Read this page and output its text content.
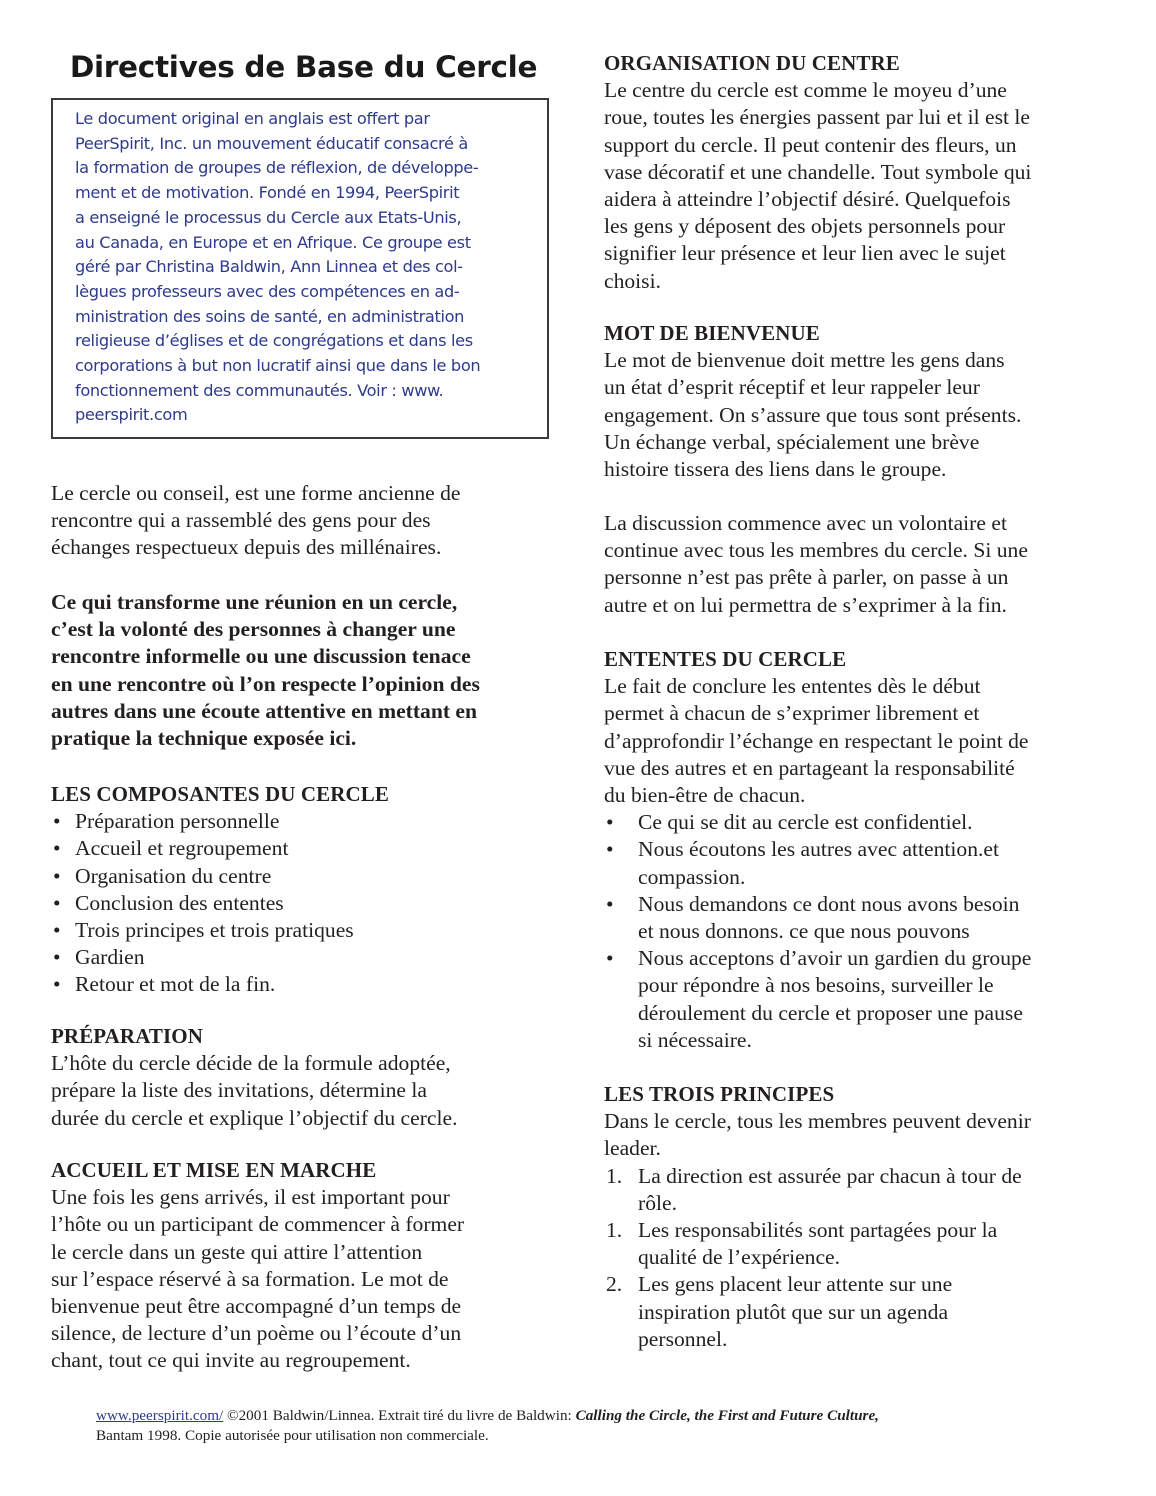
Directives de Base du Cercle
Le document original en anglais est offert par
PeerSpirit, Inc. un mouvement éducatif consacré à
la formation de groupes de réflexion, de développe-
ment et de motivation. Fondé en 1994, PeerSpirit
a enseigné le processus du Cercle aux Etats-Unis,
au Canada, en Europe et en Afrique. Ce groupe est
géré par Christina Baldwin, Ann Linnea et des col-
lègues professeurs avec des compétences en ad-
ministration des soins de santé, en administration
religieuse d’églises et de congrégations et dans les
corporations à but non lucratif ainsi que dans le bon
fonctionnement des communautés. Voir : www.
peerspirit.com
Le cercle ou conseil, est une forme ancienne de
rencontre qui a rassemblé des gens pour des
échanges respectueux depuis des millénaires.
Ce qui transforme une réunion en un cercle,
c’est la volonté des personnes à changer une
rencontre informelle ou une discussion tenace
en une rencontre où l’on respecte l’opinion des
autres dans une écoute attentive en mettant en
pratique la technique exposée ici.
LES COMPOSANTES DU CERCLE
• Préparation personnelle
• Accueil et regroupement
• Organisation du centre
• Conclusion des ententes
• Trois principes et trois pratiques
• Gardien
• Retour et mot de la fin.
PRÉPARATION
L’hôte du cercle décide de la formule adoptée,
prépare la liste des invitations, détermine la
durée du cercle et explique l’objectif du cercle.
ACCUEIL ET MISE EN MARCHE
Une fois les gens arrivés, il est important pour
l’hôte ou un participant de commencer à former
le cercle dans un geste qui attire l’attention
sur l’espace réservé à sa formation. Le mot de
bienvenue peut être accompagné d’un temps de
silence, de lecture d’un poème ou l’écoute d’un
chant, tout ce qui invite au regroupement.
ORGANISATION DU CENTRE
Le centre du cercle est comme le moyeu d’une
roue, toutes les énergies passent par lui et il est le
support du cercle. Il peut contenir des fleurs, un
vase décoratif et une chandelle. Tout symbole qui
aidera à atteindre l’objectif désiré. Quelquefois
les gens y déposent des objets personnels pour
signifier leur présence et leur lien avec le sujet
choisi.
MOT DE BIENVENUE
Le mot de bienvenue doit mettre les gens dans
un état d’esprit réceptif et leur rappeler leur
engagement. On s’assure que tous sont présents.
Un échange verbal, spécialement une brève
histoire tissera des liens dans le groupe.
La discussion commence avec un volontaire et
continue avec tous les membres du cercle. Si une
personne n’est pas prête à parler, on passe à un
autre et on lui permettra de s’exprimer à la fin.
ENTENTES DU CERCLE
Le fait de conclure les ententes dès le début
permet à chacun de s’exprimer librement et
d’approfondir l’échange en respectant le point de
vue des autres et en partageant la responsabilité
du bien-être de chacun.
• Ce qui se dit au cercle est confidentiel.
• Nous écoutons les autres avec attention.et
compassion.
• Nous demandons ce dont nous avons besoin
et nous donnons. ce que nous pouvons
• Nous acceptons d’avoir un gardien du groupe
pour répondre à nos besoins, surveiller le
déroulement du cercle et proposer une pause
si nécessaire.
LES TROIS PRINCIPES
Dans le cercle, tous les membres peuvent devenir
leader.
1. La direction est assurée par chacun à tour de
rôle.
1. Les responsabilités sont partagées pour la
qualité de l’expérience.
2. Les gens placent leur attente sur une
inspiration plutôt que sur un agenda
personnel.
www.peerspirit.com/ ©2001 Baldwin/Linnea. Extrait tiré du livre de Baldwin: Calling the Circle, the First and Future Culture,
Bantam 1998. Copie autorisée pour utilisation non commerciale.
